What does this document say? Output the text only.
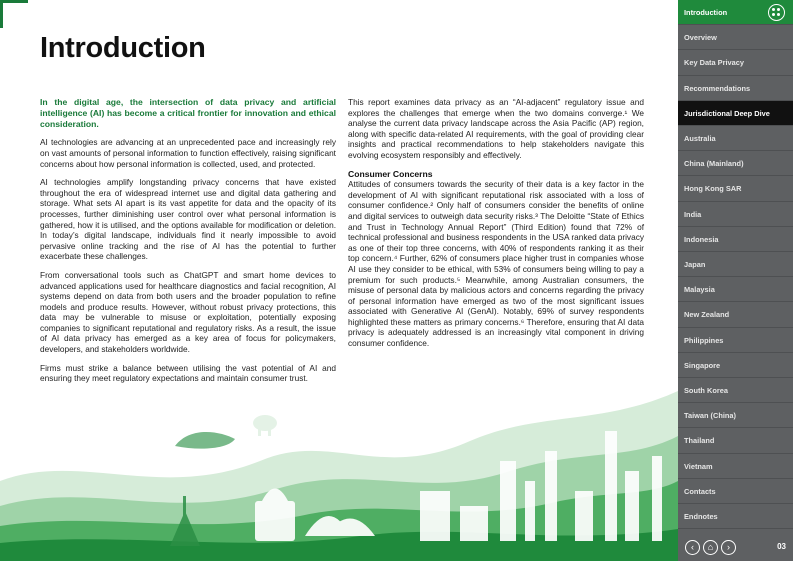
Introduction

In the digital age, the intersection of data privacy and artificial intelligence (AI) has become a critical frontier for innovation and ethical consideration.

AI technologies are advancing at an unprecedented pace and increasingly rely on vast amounts of personal information to function effectively, raising significant concerns about how personal information is collected, used, and protected.

AI technologies amplify longstanding privacy concerns that have existed throughout the era of widespread internet use and digital data gathering and storage. What sets AI apart is its vast appetite for data and the opacity of its processes, further diminishing user control over what personal information is gathered, how it is utilised, and the options available for modification or deletion. In today’s digital landscape, individuals find it nearly impossible to avoid pervasive online tracking and the rise of AI has the potential to further exacerbate these challenges.

From conversational tools such as ChatGPT and smart home devices to advanced applications used for healthcare diagnostics and facial recognition, AI systems depend on data from both users and the broader population to refine models and produce results. However, without robust privacy protections, this data may be vulnerable to misuse or exploitation, potentially exposing companies to significant reputational and regulatory risks. As a result, the issue of AI data privacy has emerged as a key area of focus for policymakers, developers, and stakeholders worldwide.

Firms must strike a balance between utilising the vast potential of AI and ensuring they meet regulatory expectations and maintain consumer trust.

This report examines data privacy as an “AI-adjacent” regulatory issue and explores the challenges that emerge when the two domains converge.¹ We analyse the current data privacy landscape across the Asia Pacific (AP) region, along with specific data-related AI requirements, with the goal of providing clear insights and practical recommendations to help stakeholders navigate this evolving ecosystem responsibly and effectively.

Consumer Concerns

Attitudes of consumers towards the security of their data is a key factor in the development of AI with significant reputational risk associated with a loss of consumer confidence.² Only half of consumers consider the benefits of online and digital services to outweigh data security risks.³ The Deloitte “State of Ethics and Trust in Technology Annual Report” (Third Edition) found that 72% of technical professional and business respondents in the USA ranked data privacy as one of their top three concerns, with 40% of respondents ranking it as their top concern.⁴ Further, 62% of consumers place higher trust in companies whose AI use they consider to be ethical, with 53% of consumers being willing to pay a premium for such products.⁵ Meanwhile, among Australian consumers, the misuse of personal data by malicious actors and concerns regarding the privacy of personal information have emerged as two of the most significant issues associated with Generative AI (GenAI). Notably, 69% of survey respondents highlighted these matters as primary concerns.⁶ Therefore, ensuring that AI data privacy is adequately addressed is an increasingly vital component in driving consumer confidence.

Introduction
Overview
Key Data Privacy
Recommendations
Jurisdictional Deep Dive
Australia
China (Mainland)
Hong Kong SAR
India
Indonesia
Japan
Malaysia
New Zealand
Philippines
Singapore
South Korea
Taiwan (China)
Thailand
Vietnam
Contacts
Endnotes
‹	⌂	›	03
